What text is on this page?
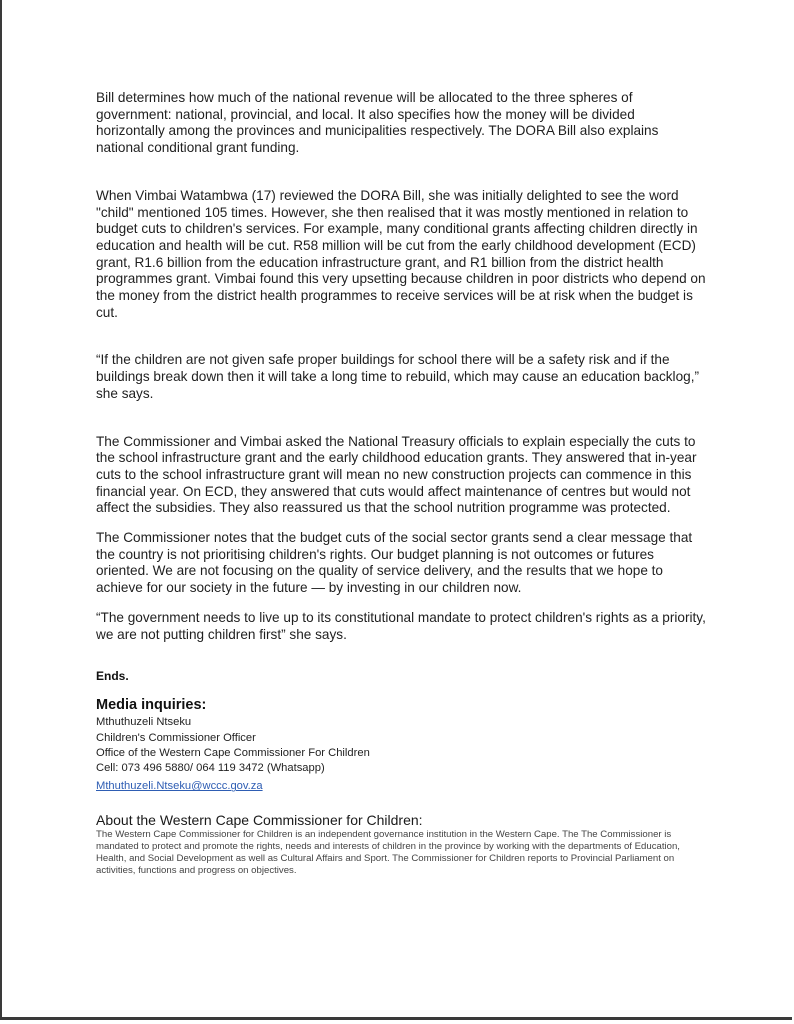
Bill determines how much of the national revenue will be allocated to the three spheres of government: national, provincial, and local. It also specifies how the money will be divided horizontally among the provinces and municipalities respectively. The DORA Bill also explains national conditional grant funding.

When Vimbai Watambwa (17) reviewed the DORA Bill, she was initially delighted to see the word "child" mentioned 105 times. However, she then realised that it was mostly mentioned in relation to budget cuts to children's services. For example, many conditional grants affecting children directly in education and health will be cut. R58 million will be cut from the early childhood development (ECD) grant, R1.6 billion from the education infrastructure grant, and R1 billion from the district health programmes grant. Vimbai found this very upsetting because children in poor districts who depend on the money from the district health programmes to receive services will be at risk when the budget is cut.

“If the children are not given safe proper buildings for school there will be a safety risk and if the buildings break down then it will take a long time to rebuild, which may cause an education backlog,” she says.

The Commissioner and Vimbai asked the National Treasury officials to explain especially the cuts to the school infrastructure grant and the early childhood education grants. They answered that in-year cuts to the school infrastructure grant will mean no new construction projects can commence in this financial year. On ECD, they answered that cuts would affect maintenance of centres but would not affect the subsidies. They also reassured us that the school nutrition programme was protected.

The Commissioner notes that the budget cuts of the social sector grants send a clear message that the country is not prioritising children's rights. Our budget planning is not outcomes or futures oriented. We are not focusing on the quality of service delivery, and the results that we hope to achieve for our society in the future — by investing in our children now.

“The government needs to live up to its constitutional mandate to protect children's rights as a priority, we are not putting children first” she says.

Ends.

Media inquiries:

Mthuthuzeli Ntseku

Children's Commissioner Officer

Office of the Western Cape Commissioner For Children

Cell: 073 496 5880/ 064 119 3472 (Whatsapp)

Mthuthuzeli.Ntseku@wccc.gov.za

About the Western Cape Commissioner for Children:

The Western Cape Commissioner for Children is an independent governance institution in the Western Cape. The The Commissioner is mandated to protect and promote the rights, needs and interests of children in the province by working with the departments of Education, Health, and Social Development as well as Cultural Affairs and Sport. The Commissioner for Children reports to Provincial Parliament on activities, functions and progress on objectives.
